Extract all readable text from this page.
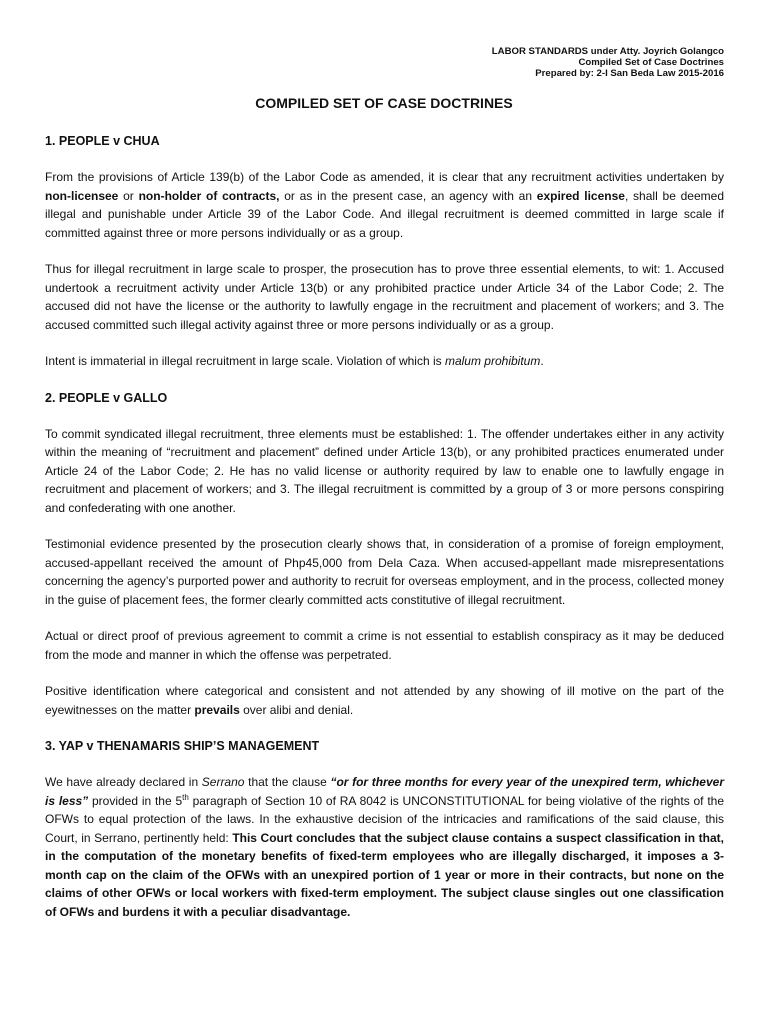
LABOR STANDARDS under Atty. Joyrich Golangco
Compiled Set of Case Doctrines
Prepared by: 2-I San Beda Law 2015-2016
COMPILED SET OF CASE DOCTRINES
1. PEOPLE v CHUA

From the provisions of Article 139(b) of the Labor Code as amended, it is clear that any recruitment activities undertaken by non-licensee or non-holder of contracts, or as in the present case, an agency with an expired license, shall be deemed illegal and punishable under Article 39 of the Labor Code. And illegal recruitment is deemed committed in large scale if committed against three or more persons individually or as a group.

Thus for illegal recruitment in large scale to prosper, the prosecution has to prove three essential elements, to wit: 1. Accused undertook a recruitment activity under Article 13(b) or any prohibited practice under Article 34 of the Labor Code; 2. The accused did not have the license or the authority to lawfully engage in the recruitment and placement of workers; and 3. The accused committed such illegal activity against three or more persons individually or as a group.

Intent is immaterial in illegal recruitment in large scale. Violation of which is malum prohibitum.

2. PEOPLE v GALLO

To commit syndicated illegal recruitment, three elements must be established: 1. The offender undertakes either in any activity within the meaning of “recruitment and placement” defined under Article 13(b), or any prohibited practices enumerated under Article 24 of the Labor Code; 2. He has no valid license or authority required by law to enable one to lawfully engage in recruitment and placement of workers; and 3. The illegal recruitment is committed by a group of 3 or more persons conspiring and confederating with one another.

Testimonial evidence presented by the prosecution clearly shows that, in consideration of a promise of foreign employment, accused-appellant received the amount of Php45,000 from Dela Caza. When accused-appellant made misrepresentations concerning the agency’s purported power and authority to recruit for overseas employment, and in the process, collected money in the guise of placement fees, the former clearly committed acts constitutive of illegal recruitment.

Actual or direct proof of previous agreement to commit a crime is not essential to establish conspiracy as it may be deduced from the mode and manner in which the offense was perpetrated.

Positive identification where categorical and consistent and not attended by any showing of ill motive on the part of the eyewitnesses on the matter prevails over alibi and denial.

3. YAP v THENAMARIS SHIP’S MANAGEMENT

We have already declared in Serrano that the clause “or for three months for every year of the unexpired term, whichever is less” provided in the 5th paragraph of Section 10 of RA 8042 is UNCONSTITUTIONAL for being violative of the rights of the OFWs to equal protection of the laws. In the exhaustive decision of the intricacies and ramifications of the said clause, this Court, in Serrano, pertinently held: This Court concludes that the subject clause contains a suspect classification in that, in the computation of the monetary benefits of fixed-term employees who are illegally discharged, it imposes a 3-month cap on the claim of the OFWs with an unexpired portion of 1 year or more in their contracts, but none on the claims of other OFWs or local workers with fixed-term employment. The subject clause singles out one classification of OFWs and burdens it with a peculiar disadvantage.
